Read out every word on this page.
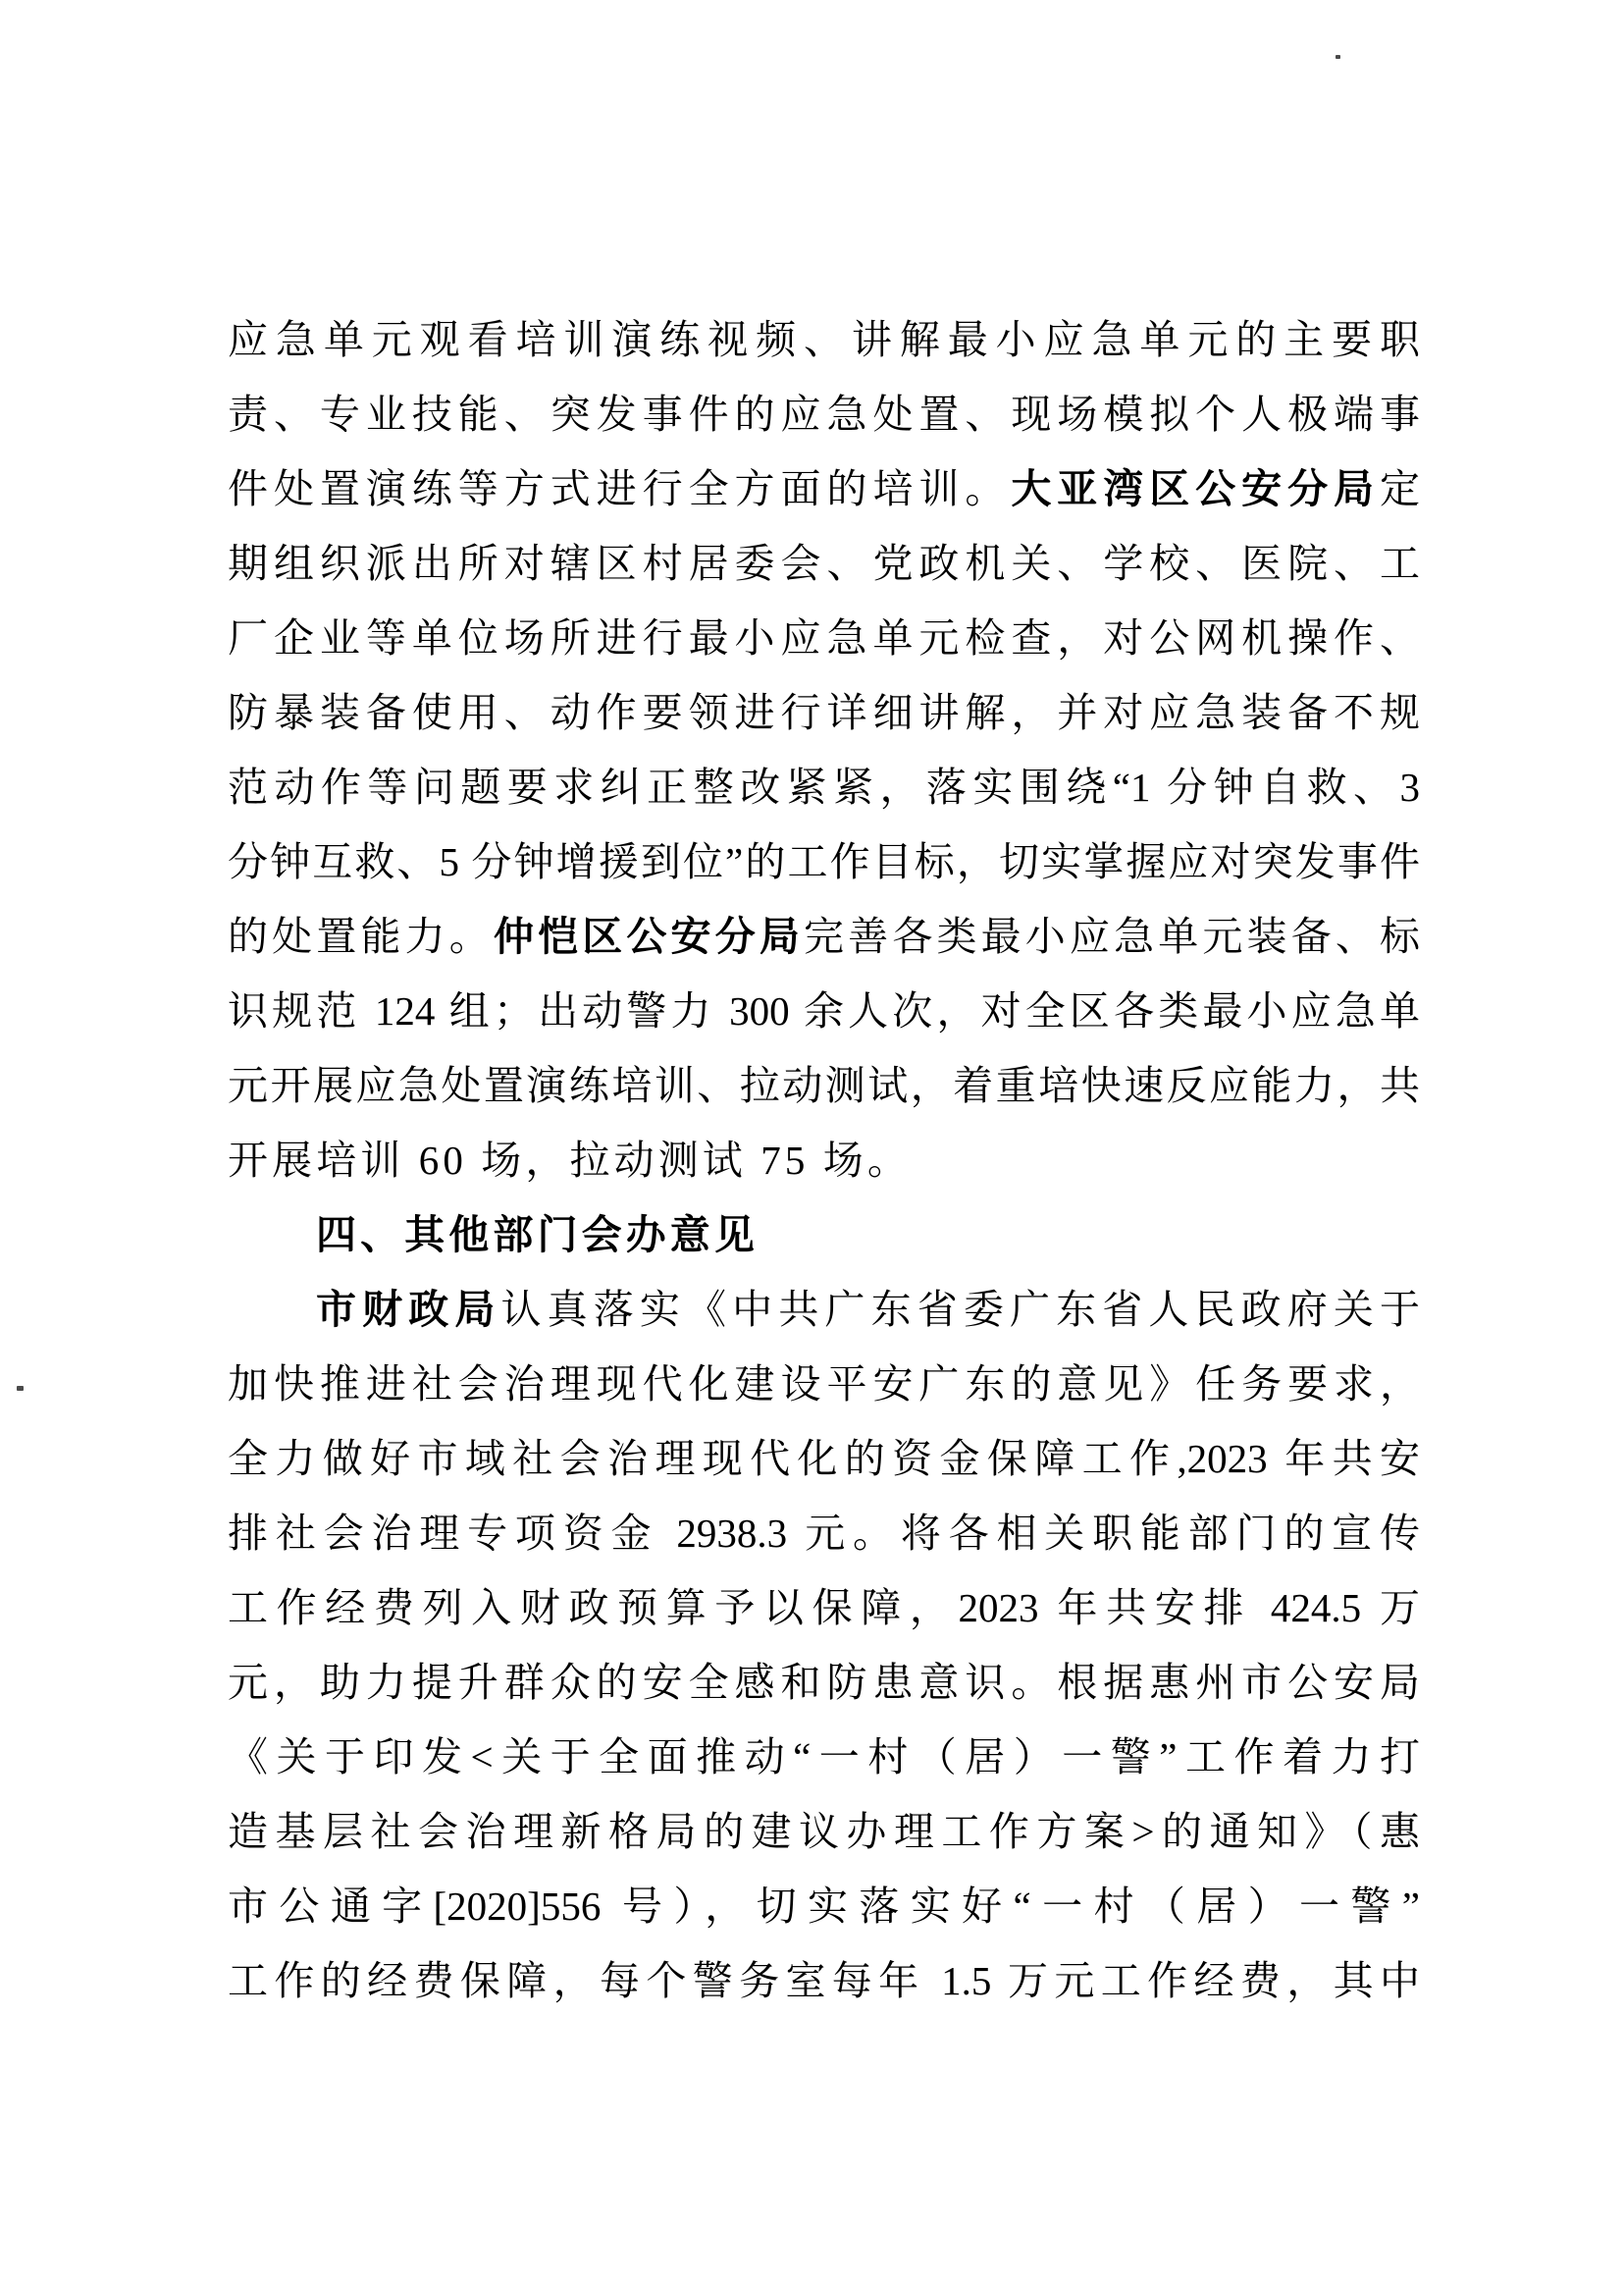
应急单元观看培训演练视频、讲解最小应急单元的主要职
责、专业技能、突发事件的应急处置、现场模拟个人极端事
件处置演练等方式进行全方面的培训。大亚湾区公安分局定
期组织派出所对辖区村居委会、党政机关、学校、医院、工
厂企业等单位场所进行最小应急单元检查，对公网机操作、
防暴装备使用、动作要领进行详细讲解，并对应急装备不规
范动作等问题要求纠正整改紧紧，落实围绕“1 分钟自救、3
分钟互救、5 分钟增援到位”的工作目标，切实掌握应对突发事件
的处置能力。仲恺区公安分局完善各类最小应急单元装备、标
识规范 124 组；出动警力 300 余人次，对全区各类最小应急单
元开展应急处置演练培训、拉动测试，着重培快速反应能力，共
开展培训 60 场，拉动测试 75 场。
四、其他部门会办意见
市财政局认真落实《中共广东省委广东省人民政府关于
加快推进社会治理现代化建设平安广东的意见》任务要求，
全力做好市域社会治理现代化的资金保障工作,2023 年共安
排社会治理专项资金 2938.3 元。将各相关职能部门的宣传
工作经费列入财政预算予以保障，2023 年共安排 424.5 万
元，助力提升群众的安全感和防患意识。根据惠州市公安局
《关于印发<关于全面推动“一村（居）一警”工作着力打
造基层社会治理新格局的建议办理工作方案>的通知》（惠
市公通字[2020]556 号），切实落实好“一村（居）一警”
工作的经费保障，每个警务室每年 1.5 万元工作经费，其中
